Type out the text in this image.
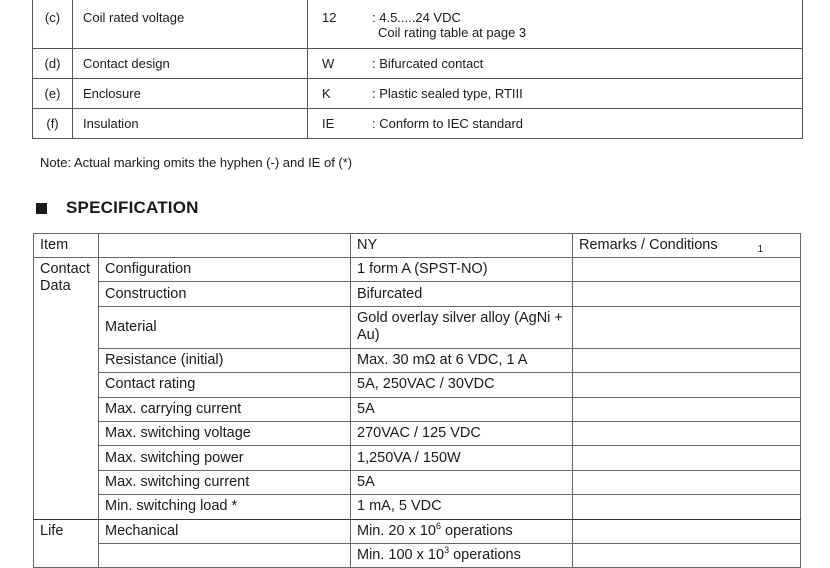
(c)	Coil rated voltage	12 : 4.5.....24 VDC
Coil rating table at page 3

(d)	Contact design	W : Bifurcated contact

(e)	Enclosure	K : Plastic sealed type, RTIII

(f)	Insulation	IE : Conform to IEC standard
Note: Actual marking omits the hyphen (-) and IE of (*)
SPECIFICATION
Item		NY	Remarks / Conditions $_1$
Contact Data	Configuration	1 form A (SPST-NO)	
	Construction	Bifurcated	
	Material	Gold overlay silver alloy (AgNi + Au)	
	Resistance (initial)	Max. 30 mΩ at 6 VDC, 1 A	
	Contact rating	5A, 250VAC / 30VDC	
	Max. carrying current	5A	
	Max. switching voltage	270VAC / 125 VDC	
	Max. switching power	1,250VA / 150W	
	Max. switching current	5A	
	Min. switching load *	1 mA, 5 VDC	
Life	Mechanical	Min. 20 x $10^6$ operations	
		Min. 100 x $10^3$ operations	
